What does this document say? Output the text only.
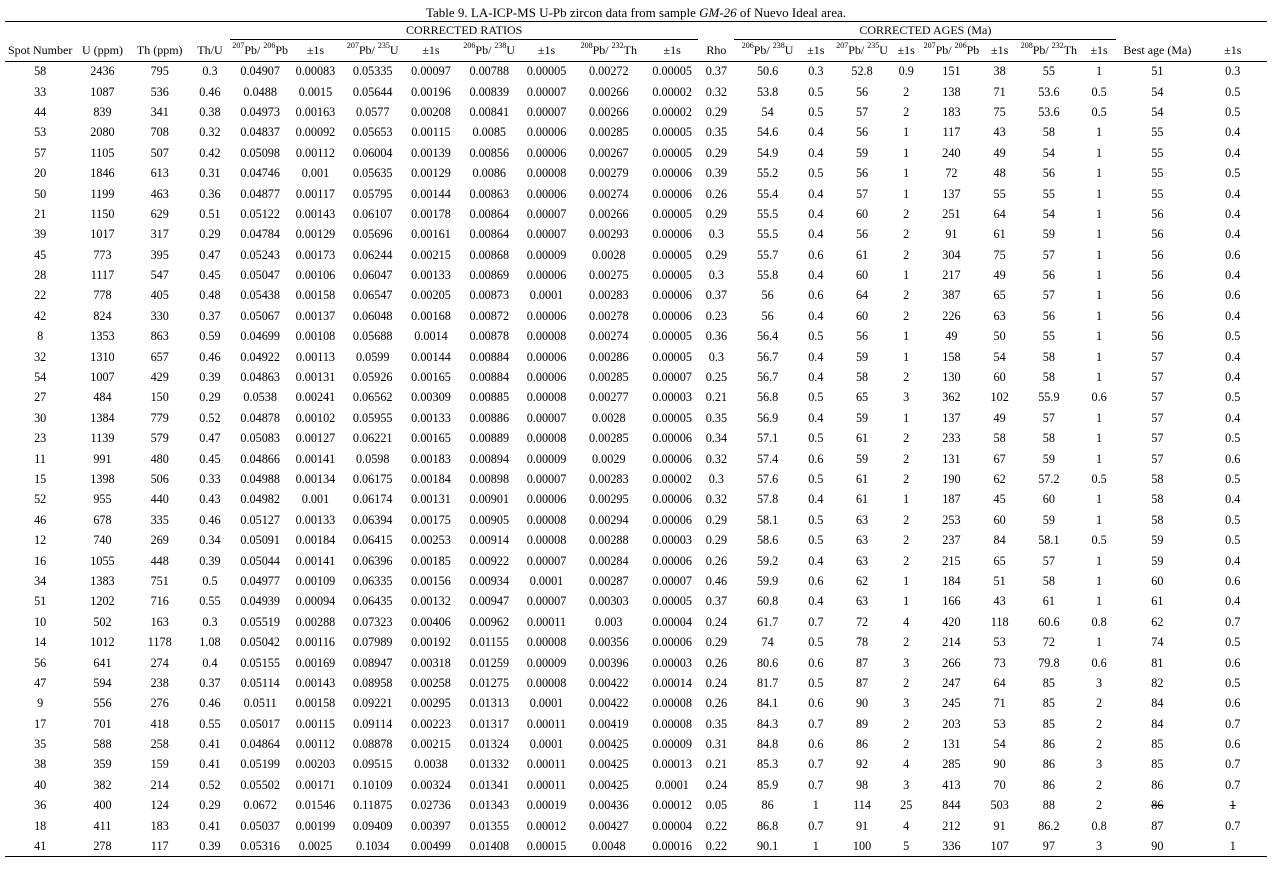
Table 9. LA-ICP-MS U-Pb zircon data from sample GM-26 of Nuevo Ideal area.
				CORRECTED RATIOS									CORRECTED AGES (Ma)									
Spot Number	U (ppm)	Th (ppm)	Th/U	$^{207}$Pb/ $^{206}$Pb	±1s	$^{207}$Pb/ $^{235}$U	±1s	$^{206}$Pb/ $^{238}$U	±1s	$^{208}$Pb/ $^{232}$Th	±1s	Rho	$^{206}$Pb/ $^{238}$U	±1s	$^{207}$Pb/ $^{235}$U	±1s	$^{207}$Pb/ $^{206}$Pb	±1s	$^{208}$Pb/ $^{232}$Th	±1s	Best age (Ma)	±1s
58	2436	795	0.3	0.04907	0.00083	0.05335	0.00097	0.00788	0.00005	0.00272	0.00005	0.37	50.6	0.3	52.8	0.9	151	38	55	1	51	0.3
33	1087	536	0.46	0.0488	0.0015	0.05644	0.00196	0.00839	0.00007	0.00266	0.00002	0.32	53.8	0.5	56	2	138	71	53.6	0.5	54	0.5
44	839	341	0.38	0.04973	0.00163	0.0577	0.00208	0.00841	0.00007	0.00266	0.00002	0.29	54	0.5	57	2	183	75	53.6	0.5	54	0.5
53	2080	708	0.32	0.04837	0.00092	0.05653	0.00115	0.0085	0.00006	0.00285	0.00005	0.35	54.6	0.4	56	1	117	43	58	1	55	0.4
57	1105	507	0.42	0.05098	0.00112	0.06004	0.00139	0.00856	0.00006	0.00267	0.00005	0.29	54.9	0.4	59	1	240	49	54	1	55	0.4
20	1846	613	0.31	0.04746	0.001	0.05635	0.00129	0.0086	0.00008	0.00279	0.00006	0.39	55.2	0.5	56	1	72	48	56	1	55	0.5
50	1199	463	0.36	0.04877	0.00117	0.05795	0.00144	0.00863	0.00006	0.00274	0.00006	0.26	55.4	0.4	57	1	137	55	55	1	55	0.4
21	1150	629	0.51	0.05122	0.00143	0.06107	0.00178	0.00864	0.00007	0.00266	0.00005	0.29	55.5	0.4	60	2	251	64	54	1	56	0.4
39	1017	317	0.29	0.04784	0.00129	0.05696	0.00161	0.00864	0.00007	0.00293	0.00006	0.3	55.5	0.4	56	2	91	61	59	1	56	0.4
45	773	395	0.47	0.05243	0.00173	0.06244	0.00215	0.00868	0.00009	0.0028	0.00005	0.29	55.7	0.6	61	2	304	75	57	1	56	0.6
28	1117	547	0.45	0.05047	0.00106	0.06047	0.00133	0.00869	0.00006	0.00275	0.00005	0.3	55.8	0.4	60	1	217	49	56	1	56	0.4
22	778	405	0.48	0.05438	0.00158	0.06547	0.00205	0.00873	0.0001	0.00283	0.00006	0.37	56	0.6	64	2	387	65	57	1	56	0.6
42	824	330	0.37	0.05067	0.00137	0.06048	0.00168	0.00872	0.00006	0.00278	0.00006	0.23	56	0.4	60	2	226	63	56	1	56	0.4
8	1353	863	0.59	0.04699	0.00108	0.05688	0.0014	0.00878	0.00008	0.00274	0.00005	0.36	56.4	0.5	56	1	49	50	55	1	56	0.5
32	1310	657	0.46	0.04922	0.00113	0.0599	0.00144	0.00884	0.00006	0.00286	0.00005	0.3	56.7	0.4	59	1	158	54	58	1	57	0.4
54	1007	429	0.39	0.04863	0.00131	0.05926	0.00165	0.00884	0.00006	0.00285	0.00007	0.25	56.7	0.4	58	2	130	60	58	1	57	0.4
27	484	150	0.29	0.0538	0.00241	0.06562	0.00309	0.00885	0.00008	0.00277	0.00003	0.21	56.8	0.5	65	3	362	102	55.9	0.6	57	0.5
30	1384	779	0.52	0.04878	0.00102	0.05955	0.00133	0.00886	0.00007	0.0028	0.00005	0.35	56.9	0.4	59	1	137	49	57	1	57	0.4
23	1139	579	0.47	0.05083	0.00127	0.06221	0.00165	0.00889	0.00008	0.00285	0.00006	0.34	57.1	0.5	61	2	233	58	58	1	57	0.5
11	991	480	0.45	0.04866	0.00141	0.0598	0.00183	0.00894	0.00009	0.0029	0.00006	0.32	57.4	0.6	59	2	131	67	59	1	57	0.6
15	1398	506	0.33	0.04988	0.00134	0.06175	0.00184	0.00898	0.00007	0.00283	0.00002	0.3	57.6	0.5	61	2	190	62	57.2	0.5	58	0.5
52	955	440	0.43	0.04982	0.001	0.06174	0.00131	0.00901	0.00006	0.00295	0.00006	0.32	57.8	0.4	61	1	187	45	60	1	58	0.4
46	678	335	0.46	0.05127	0.00133	0.06394	0.00175	0.00905	0.00008	0.00294	0.00006	0.29	58.1	0.5	63	2	253	60	59	1	58	0.5
12	740	269	0.34	0.05091	0.00184	0.06415	0.00253	0.00914	0.00008	0.00288	0.00003	0.29	58.6	0.5	63	2	237	84	58.1	0.5	59	0.5
16	1055	448	0.39	0.05044	0.00141	0.06396	0.00185	0.00922	0.00007	0.00284	0.00006	0.26	59.2	0.4	63	2	215	65	57	1	59	0.4
34	1383	751	0.5	0.04977	0.00109	0.06335	0.00156	0.00934	0.0001	0.00287	0.00007	0.46	59.9	0.6	62	1	184	51	58	1	60	0.6
51	1202	716	0.55	0.04939	0.00094	0.06435	0.00132	0.00947	0.00007	0.00303	0.00005	0.37	60.8	0.4	63	1	166	43	61	1	61	0.4
10	502	163	0.3	0.05519	0.00288	0.07323	0.00406	0.00962	0.00011	0.003	0.00004	0.24	61.7	0.7	72	4	420	118	60.6	0.8	62	0.7
14	1012	1178	1.08	0.05042	0.00116	0.07989	0.00192	0.01155	0.00008	0.00356	0.00006	0.29	74	0.5	78	2	214	53	72	1	74	0.5
56	641	274	0.4	0.05155	0.00169	0.08947	0.00318	0.01259	0.00009	0.00396	0.00003	0.26	80.6	0.6	87	3	266	73	79.8	0.6	81	0.6
47	594	238	0.37	0.05114	0.00143	0.08958	0.00258	0.01275	0.00008	0.00422	0.00014	0.24	81.7	0.5	87	2	247	64	85	3	82	0.5
9	556	276	0.46	0.0511	0.00158	0.09221	0.00295	0.01313	0.0001	0.00422	0.00008	0.26	84.1	0.6	90	3	245	71	85	2	84	0.6
17	701	418	0.55	0.05017	0.00115	0.09114	0.00223	0.01317	0.00011	0.00419	0.00008	0.35	84.3	0.7	89	2	203	53	85	2	84	0.7
35	588	258	0.41	0.04864	0.00112	0.08878	0.00215	0.01324	0.0001	0.00425	0.00009	0.31	84.8	0.6	86	2	131	54	86	2	85	0.6
38	359	159	0.41	0.05199	0.00203	0.09515	0.0038	0.01332	0.00011	0.00425	0.00013	0.21	85.3	0.7	92	4	285	90	86	3	85	0.7
40	382	214	0.52	0.05502	0.00171	0.10109	0.00324	0.01341	0.00011	0.00425	0.0001	0.24	85.9	0.7	98	3	413	70	86	2	86	0.7
36	400	124	0.29	0.0672	0.01546	0.11875	0.02736	0.01343	0.00019	0.00436	0.00012	0.05	86	1	114	25	844	503	88	2	86	1
18	411	183	0.41	0.05037	0.00199	0.09409	0.00397	0.01355	0.00012	0.00427	0.00004	0.22	86.8	0.7	91	4	212	91	86.2	0.8	87	0.7
41	278	117	0.39	0.05316	0.0025	0.1034	0.00499	0.01408	0.00015	0.0048	0.00016	0.22	90.1	1	100	5	336	107	97	3	90	1
